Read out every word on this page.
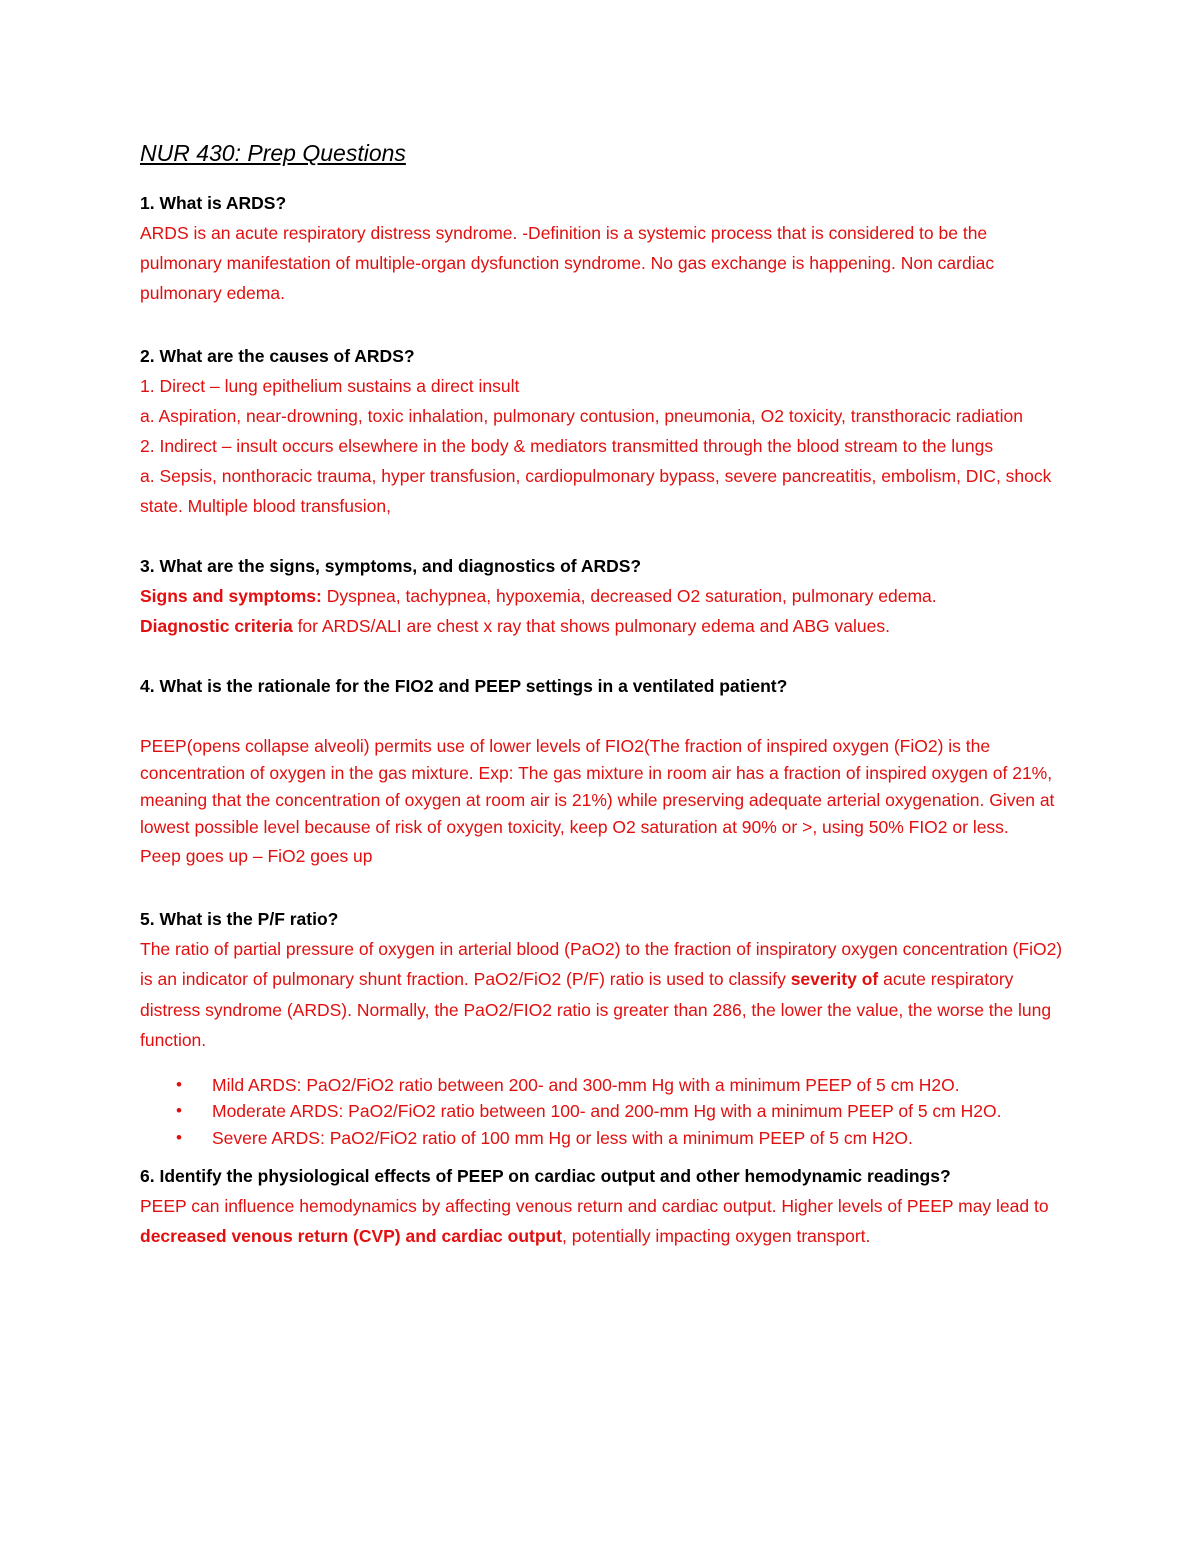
NUR 430: Prep Questions

1. What is ARDS?

ARDS is an acute respiratory distress syndrome. -Definition is a systemic process that is considered to be the pulmonary manifestation of multiple-organ dysfunction syndrome. No gas exchange is happening. Non cardiac pulmonary edema.

2. What are the causes of ARDS?

1. Direct – lung epithelium sustains a direct insult

a. Aspiration, near-drowning, toxic inhalation, pulmonary contusion, pneumonia, O2 toxicity, transthoracic radiation

2. Indirect – insult occurs elsewhere in the body & mediators transmitted through the blood stream to the lungs

a. Sepsis, nonthoracic trauma, hyper transfusion, cardiopulmonary bypass, severe pancreatitis, embolism, DIC, shock state. Multiple blood transfusion,

3. What are the signs, symptoms, and diagnostics of ARDS?

Signs and symptoms: Dyspnea, tachypnea, hypoxemia, decreased O2 saturation, pulmonary edema.

Diagnostic criteria for ARDS/ALI are chest x ray that shows pulmonary edema and ABG values.

4. What is the rationale for the FIO2 and PEEP settings in a ventilated patient?

PEEP(opens collapse alveoli) permits use of lower levels of FIO2(The fraction of inspired oxygen (FiO2) is the concentration of oxygen in the gas mixture. Exp: The gas mixture in room air has a fraction of inspired oxygen of 21%, meaning that the concentration of oxygen at room air is 21%) while preserving adequate arterial oxygenation. Given at lowest possible level because of risk of oxygen toxicity, keep O2 saturation at 90% or >, using 50% FIO2 or less.

Peep goes up – FiO2 goes up

5. What is the P/F ratio?

The ratio of partial pressure of oxygen in arterial blood (PaO2) to the fraction of inspiratory oxygen concentration (FiO2) is an indicator of pulmonary shunt fraction. PaO2/FiO2 (P/F) ratio is used to classify severity of acute respiratory distress syndrome (ARDS). Normally, the PaO2/FIO2 ratio is greater than 286, the lower the value, the worse the lung function.

• Mild ARDS: PaO2/FiO2 ratio between 200- and 300-mm Hg with a minimum PEEP of 5 cm H2O.
• Moderate ARDS: PaO2/FiO2 ratio between 100- and 200-mm Hg with a minimum PEEP of 5 cm H2O.
• Severe ARDS: PaO2/FiO2 ratio of 100 mm Hg or less with a minimum PEEP of 5 cm H2O.

6. Identify the physiological effects of PEEP on cardiac output and other hemodynamic readings?

PEEP can influence hemodynamics by affecting venous return and cardiac output. Higher levels of PEEP may lead to decreased venous return (CVP) and cardiac output, potentially impacting oxygen transport.
